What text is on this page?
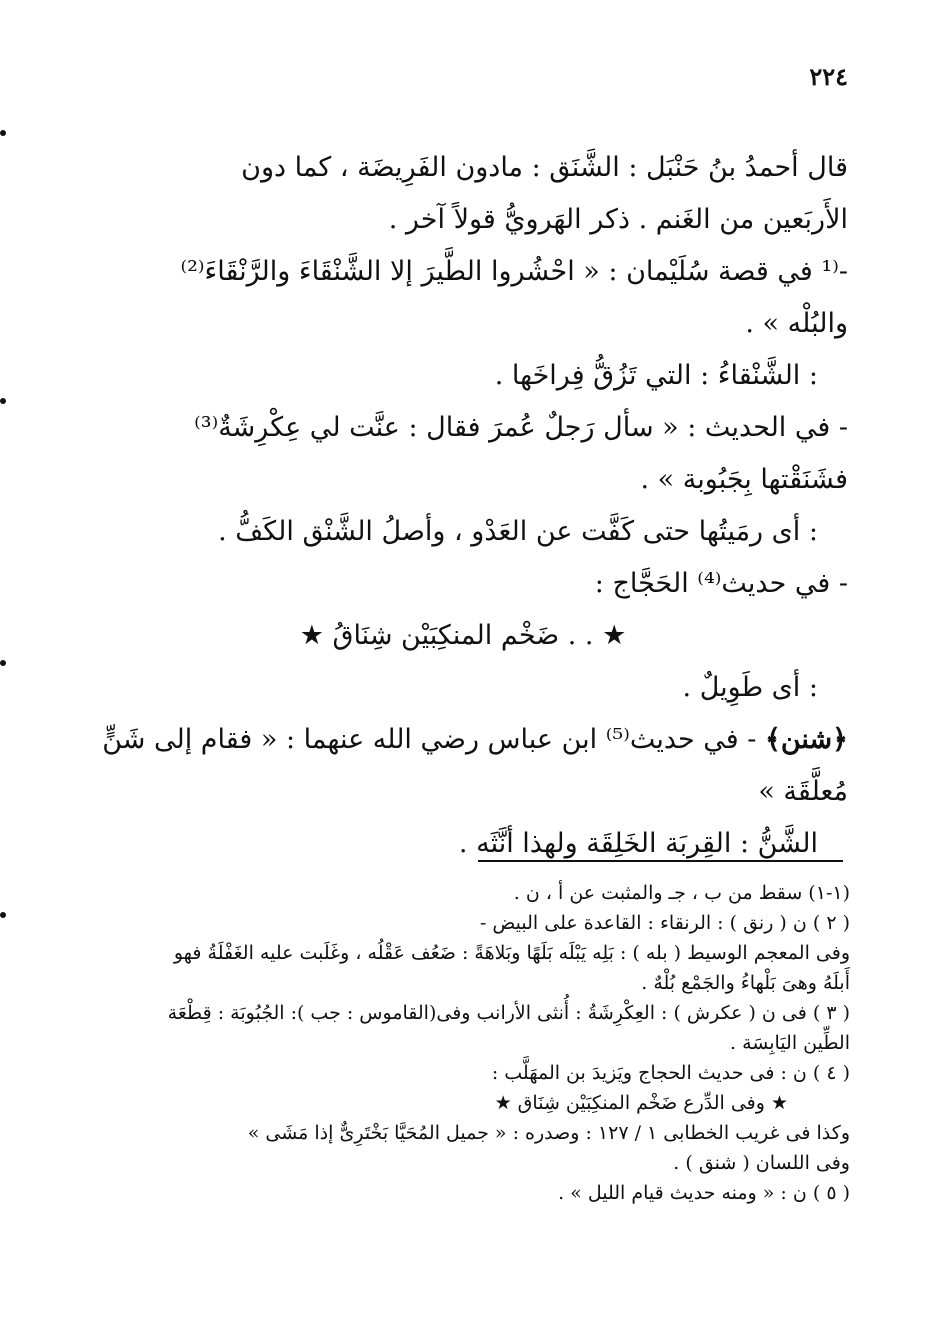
٢٢٤
قال أحمدُ بنُ حَنْبَل : الشَّنَق : مادون الفَرِيضَة ، كما دون
الأَربَعين من الغَنم . ذكر الهَرويُّ قولاً آخر .
-⁽¹ في قصة سُلَيْمان : « احْشُروا الطَّيرَ إلا الشَّنْقَاءَ والرَّنْقَاءَ⁽²⁾
والبُلْه » .
: الشَّنْقاءُ : التي تَزُقُّ فِراخَها .
- في الحديث : « سأل رَجلٌ عُمرَ فقال : عنَّت لي عِكْرِشَةٌ⁽³⁾
فشَنَقْتها بِجَبُوبة » .
: أى رمَيتُها حتى كَفَّت عن العَدْو ، وأصلُ الشَّنْق الكَفُّ .
- في حديث⁽⁴⁾ الحَجَّاج :
★ . . ضَخْم المنكِبَيْن شِنَاقُ ★
: أى طَوِيلٌ .
﴿شنن﴾ - في حديث⁽⁵⁾ ابن عباس رضي الله عنهما : « فقام إلى شَنٍّ
مُعلَّقَة »
الشَّنُّ : القِربَة الخَلِقَة ولهذا أنَّثَه .
(١-١) سقط من ب ، جـ والمثبت عن أ ، ن .
( ٢ ) ن ( رنق ) : الرنقاء : القاعدة على البيض -
وفى المعجم الوسيط ( بله ) : بَلِه يَبْلَه بَلَهًا وبَلاهَةً : ضَعُف عَقْلُه ، وغَلَبت عليه الغَفْلَةُ فهو
أَبلَهُ وهىَ بَلْهاءُ والجَمْع بُلْهٌ .
( ٣ ) فى ن ( عكرش ) : العِكْرِشَةُ : أُنثى الأرانب وفى(القاموس : جب ): الجُبُوبَة : قِطْعَة
الطِّين اليَابِسَة .
( ٤ ) ن : فى حديث الحجاج ويَزيدَ بن المهَلَّب :
★ وفى الدِّرع ضَخْم المنكِبَيْن شِنَاق ★
وكذا فى غريب الخطابى ١ / ١٢٧ : وصدره : « جميل المُحَيَّا بَخْتَرِىٌّ إذا مَشَى »
وفى اللسان ( شنق ) .
( ٥ ) ن : « ومنه حديث قيام الليل » .
